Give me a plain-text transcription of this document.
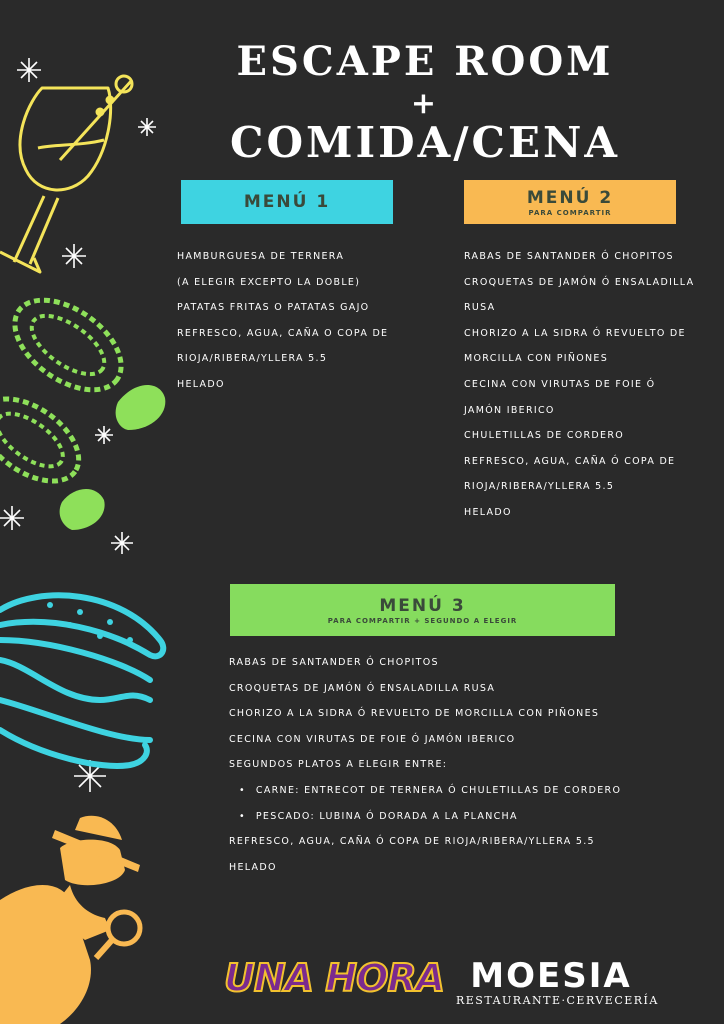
ESCAPE ROOM
+
COMIDA/CENA
MENÚ 1
HAMBURGUESA DE TERNERA
(A ELEGIR EXCEPTO LA DOBLE)
PATATAS FRITAS O PATATAS GAJO
REFRESCO, AGUA, CAÑA O COPA DE
RIOJA/RIBERA/YLLERA 5.5
HELADO
MENÚ 2
PARA COMPARTIR
RABAS DE SANTANDER Ó CHOPITOS
CROQUETAS DE JAMÓN Ó ENSALADILLA
RUSA
CHORIZO A LA SIDRA Ó REVUELTO DE
MORCILLA CON PIÑONES
CECINA CON VIRUTAS DE FOIE Ó
JAMÓN IBERICO
CHULETILLAS DE CORDERO
REFRESCO, AGUA, CAÑA Ó COPA DE
RIOJA/RIBERA/YLLERA 5.5
HELADO
MENÚ 3
PARA COMPARTIR + SEGUNDO A ELEGIR
RABAS DE SANTANDER Ó CHOPITOS
CROQUETAS DE JAMÓN Ó ENSALADILLA RUSA
CHORIZO A LA SIDRA Ó REVUELTO DE MORCILLA CON PIÑONES
CECINA CON VIRUTAS DE FOIE Ó JAMÓN IBERICO
SEGUNDOS PLATOS A ELEGIR ENTRE:
• CARNE: ENTRECOT DE TERNERA Ó CHULETILLAS DE CORDERO
• PESCADO: LUBINA Ó DORADA A LA PLANCHA
REFRESCO, AGUA, CAÑA Ó COPA DE RIOJA/RIBERA/YLLERA 5.5
HELADO
UNA HORA MOESIA
RESTAURANTE·CERVECERÍA
